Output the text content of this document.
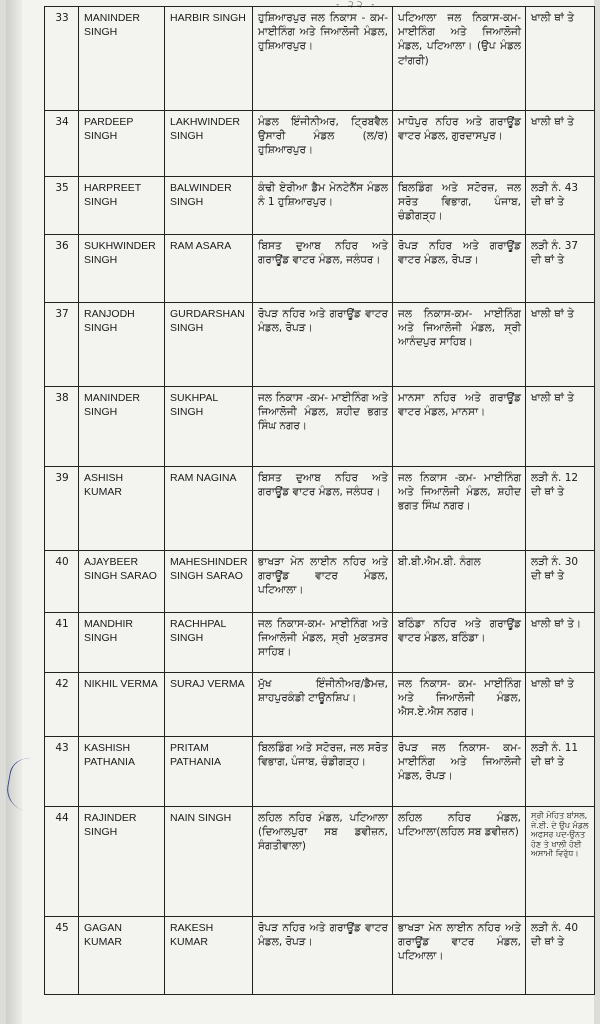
- ੨੨ -
33	MANINDER SINGH	HARBIR SINGH	ਹੁਸ਼ਿਆਰਪੁਰ ਜਲ ਨਿਕਾਸ - ਕਮ- ਮਾਈਨਿੰਗ ਅਤੇ ਜਿਆਲੋਜੀ ਮੰਡਲ, ਹੁਸ਼ਿਆਰਪੁਰ।	ਪਟਿਆਲਾ ਜਲ ਨਿਕਾਸ-ਕਮ-ਮਾਈਨਿੰਗ ਅਤੇ ਜਿਆਲੋਜੀ ਮੰਡਲ, ਪਟਿਆਲਾ। (ਉਪ ਮੰਡਲ ਟਾਂਗਰੀ)	ਖਾਲੀ ਥਾਂ ਤੇ
34	PARDEEP SINGH	LAKHWINDER SINGH	ਮੰਡਲ ਇੰਜੀਨੀਅਰ, ਟ੍ਰਿਬਵੈਲ ਉਸਾਰੀ ਮੰਡਲ (ਲ/ਰ) ਹੁਸ਼ਿਆਰਪੁਰ।	ਮਾਧੋਪੁਰ ਨਹਿਰ ਅਤੇ ਗਰਾਊਂਡ ਵਾਟਰ ਮੰਡਲ, ਗੁਰਦਾਸਪੁਰ।	ਖਾਲੀ ਥਾਂ ਤੇ
35	HARPREET SINGH	BALWINDER SINGH	ਕੰਢੀ ਏਰੀਆ ਡੈਮ ਮੇਨਟੇਨੈਂਸ ਮੰਡਲ ਨੰ 1 ਹੁਸ਼ਿਆਰਪੁਰ।	ਬਿਲਡਿੰਗ ਅਤੇ ਸਟੋਰਜ਼, ਜਲ ਸਰੋਤ ਵਿਭਾਗ, ਪੰਜਾਬ, ਚੰਡੀਗੜ੍ਹ।	ਲੜੀ ਨੰ. 43 ਦੀ ਥਾਂ ਤੇ
36	SUKHWINDER SINGH	RAM ASARA	ਬਿਸਤ ਦੁਆਬ ਨਹਿਰ ਅਤੇ ਗਰਾਊਂਡ ਵਾਟਰ ਮੰਡਲ, ਜਲੰਧਰ।	ਰੋਪੜ ਨਹਿਰ ਅਤੇ ਗਰਾਊਂਡ ਵਾਟਰ ਮੰਡਲ, ਰੋਪੜ।	ਲੜੀ ਨੰ. 37 ਦੀ ਥਾਂ ਤੇ
37	RANJODH SINGH	GURDARSHAN SINGH	ਰੋਪੜ ਨਹਿਰ ਅਤੇ ਗਰਾਊਂਡ ਵਾਟਰ ਮੰਡਲ, ਰੋਪੜ।	ਜਲ ਨਿਕਾਸ-ਕਮ- ਮਾਈਨਿੰਗ ਅਤੇ ਜਿਆਲੋਜੀ ਮੰਡਲ, ਸ੍ਰੀ ਆਨੰਦਪੁਰ ਸਾਹਿਬ।	ਖਾਲੀ ਥਾਂ ਤੇ
38	MANINDER SINGH	SUKHPAL SINGH	ਜਲ ਨਿਕਾਸ -ਕਮ- ਮਾਈਨਿੰਗ ਅਤੇ ਜਿਆਲੋਜੀ ਮੰਡਲ, ਸ਼ਹੀਦ ਭਗਤ ਸਿੰਘ ਨਗਰ।	ਮਾਨਸਾ ਨਹਿਰ ਅਤੇ ਗਰਾਊਂਡ ਵਾਟਰ ਮੰਡਲ, ਮਾਨਸਾ।	ਖਾਲੀ ਥਾਂ ਤੇ
39	ASHISH KUMAR	RAM NAGINA	ਬਿਸਤ ਦੁਆਬ ਨਹਿਰ ਅਤੇ ਗਰਾਊਂਡ ਵਾਟਰ ਮੰਡਲ, ਜਲੰਧਰ।	ਜਲ ਨਿਕਾਸ -ਕਮ- ਮਾਈਨਿੰਗ ਅਤੇ ਜਿਆਲੋਜੀ ਮੰਡਲ, ਸ਼ਹੀਦ ਭਗਤ ਸਿੰਘ ਨਗਰ।	ਲੜੀ ਨੰ. 12 ਦੀ ਥਾਂ ਤੇ
40	AJAYBEER SINGH SARAO	MAHESHINDER SINGH SARAO	ਭਾਖੜਾ ਮੇਨ ਲਾਈਨ ਨਹਿਰ ਅਤੇ ਗਰਾਊਂਡ ਵਾਟਰ ਮੰਡਲ, ਪਟਿਆਲਾ।	ਬੀ.ਬੀ.ਐਮ.ਬੀ. ਨੰਗਲ	ਲੜੀ ਨੰ. 30 ਦੀ ਥਾਂ ਤੇ
41	MANDHIR SINGH	RACHHPAL SINGH	ਜਲ ਨਿਕਾਸ-ਕਮ- ਮਾਈਨਿੰਗ ਅਤੇ ਜਿਆਲੋਜੀ ਮੰਡਲ, ਸ੍ਰੀ ਮੁਕਤਸਰ ਸਾਹਿਬ।	ਬਠਿੰਡਾ ਨਹਿਰ ਅਤੇ ਗਰਾਊਂਡ ਵਾਟਰ ਮੰਡਲ, ਬਠਿੰਡਾ।	ਖਾਲੀ ਥਾਂ ਤੇ।
42	NIKHIL VERMA	SURAJ VERMA	ਮੁੱਖ ਇੰਜੀਨੀਅਰ/ਡੈਮਜ਼, ਸ਼ਾਹਪੁਰਕੰਡੀ ਟਾਊਨਸ਼ਿਪ।	ਜਲ ਨਿਕਾਸ- ਕਮ- ਮਾਈਨਿੰਗ ਅਤੇ ਜਿਆਲੋਜੀ ਮੰਡਲ, ਐਸ.ਏ.ਐਸ ਨਗਰ।	ਖਾਲੀ ਥਾਂ ਤੇ
43	KASHISH PATHANIA	PRITAM PATHANIA	ਬਿਲਡਿੰਗ ਅਤੇ ਸਟੋਰਜ਼, ਜਲ ਸਰੋਤ ਵਿਭਾਗ, ਪੰਜਾਬ, ਚੰਡੀਗੜ੍ਹ।	ਰੋਪੜ ਜਲ ਨਿਕਾਸ- ਕਮ- ਮਾਈਨਿੰਗ ਅਤੇ ਜਿਆਲੋਜੀ ਮੰਡਲ, ਰੋਪੜ।	ਲੜੀ ਨੰ. 11 ਦੀ ਥਾਂ ਤੇ
44	RAJINDER SINGH	NAIN SINGH	ਲਹਿਲ ਨਹਿਰ ਮੰਡਲ, ਪਟਿਆਲਾ (ਦਿਆਲਪੁਰਾ ਸਬ ਡਵੀਜ਼ਨ, ਸੰਗਤੀਵਾਲਾ)	ਲਹਿਲ ਨਹਿਰ ਮੰਡਲ, ਪਟਿਆਲਾ(ਲਹਿਲ ਸਬ ਡਵੀਜ਼ਨ)	ਸ੍ਰੀ ਮੋਹਿਤ ਬਾਂਸਲ, ਜੇ.ਈ. ਦੇ ਉਪ ਮੰਡਲ ਅਫਸਰ ਪਦ-ਉਨਤ ਹੋਣ ਤੇ ਖਾਲੀ ਹੋਈ ਅਸਾਮੀ ਵਿਰੁੱਧ।
45	GAGAN KUMAR	RAKESH KUMAR	ਰੋਪੜ ਨਹਿਰ ਅਤੇ ਗਰਾਊਂਡ ਵਾਟਰ ਮੰਡਲ, ਰੋਪੜ।	ਭਾਖੜਾ ਮੇਨ ਲਾਈਨ ਨਹਿਰ ਅਤੇ ਗਰਾਊਂਡ ਵਾਟਰ ਮੰਡਲ, ਪਟਿਆਲਾ।	ਲੜੀ ਨੰ. 40 ਦੀ ਥਾਂ ਤੇ
